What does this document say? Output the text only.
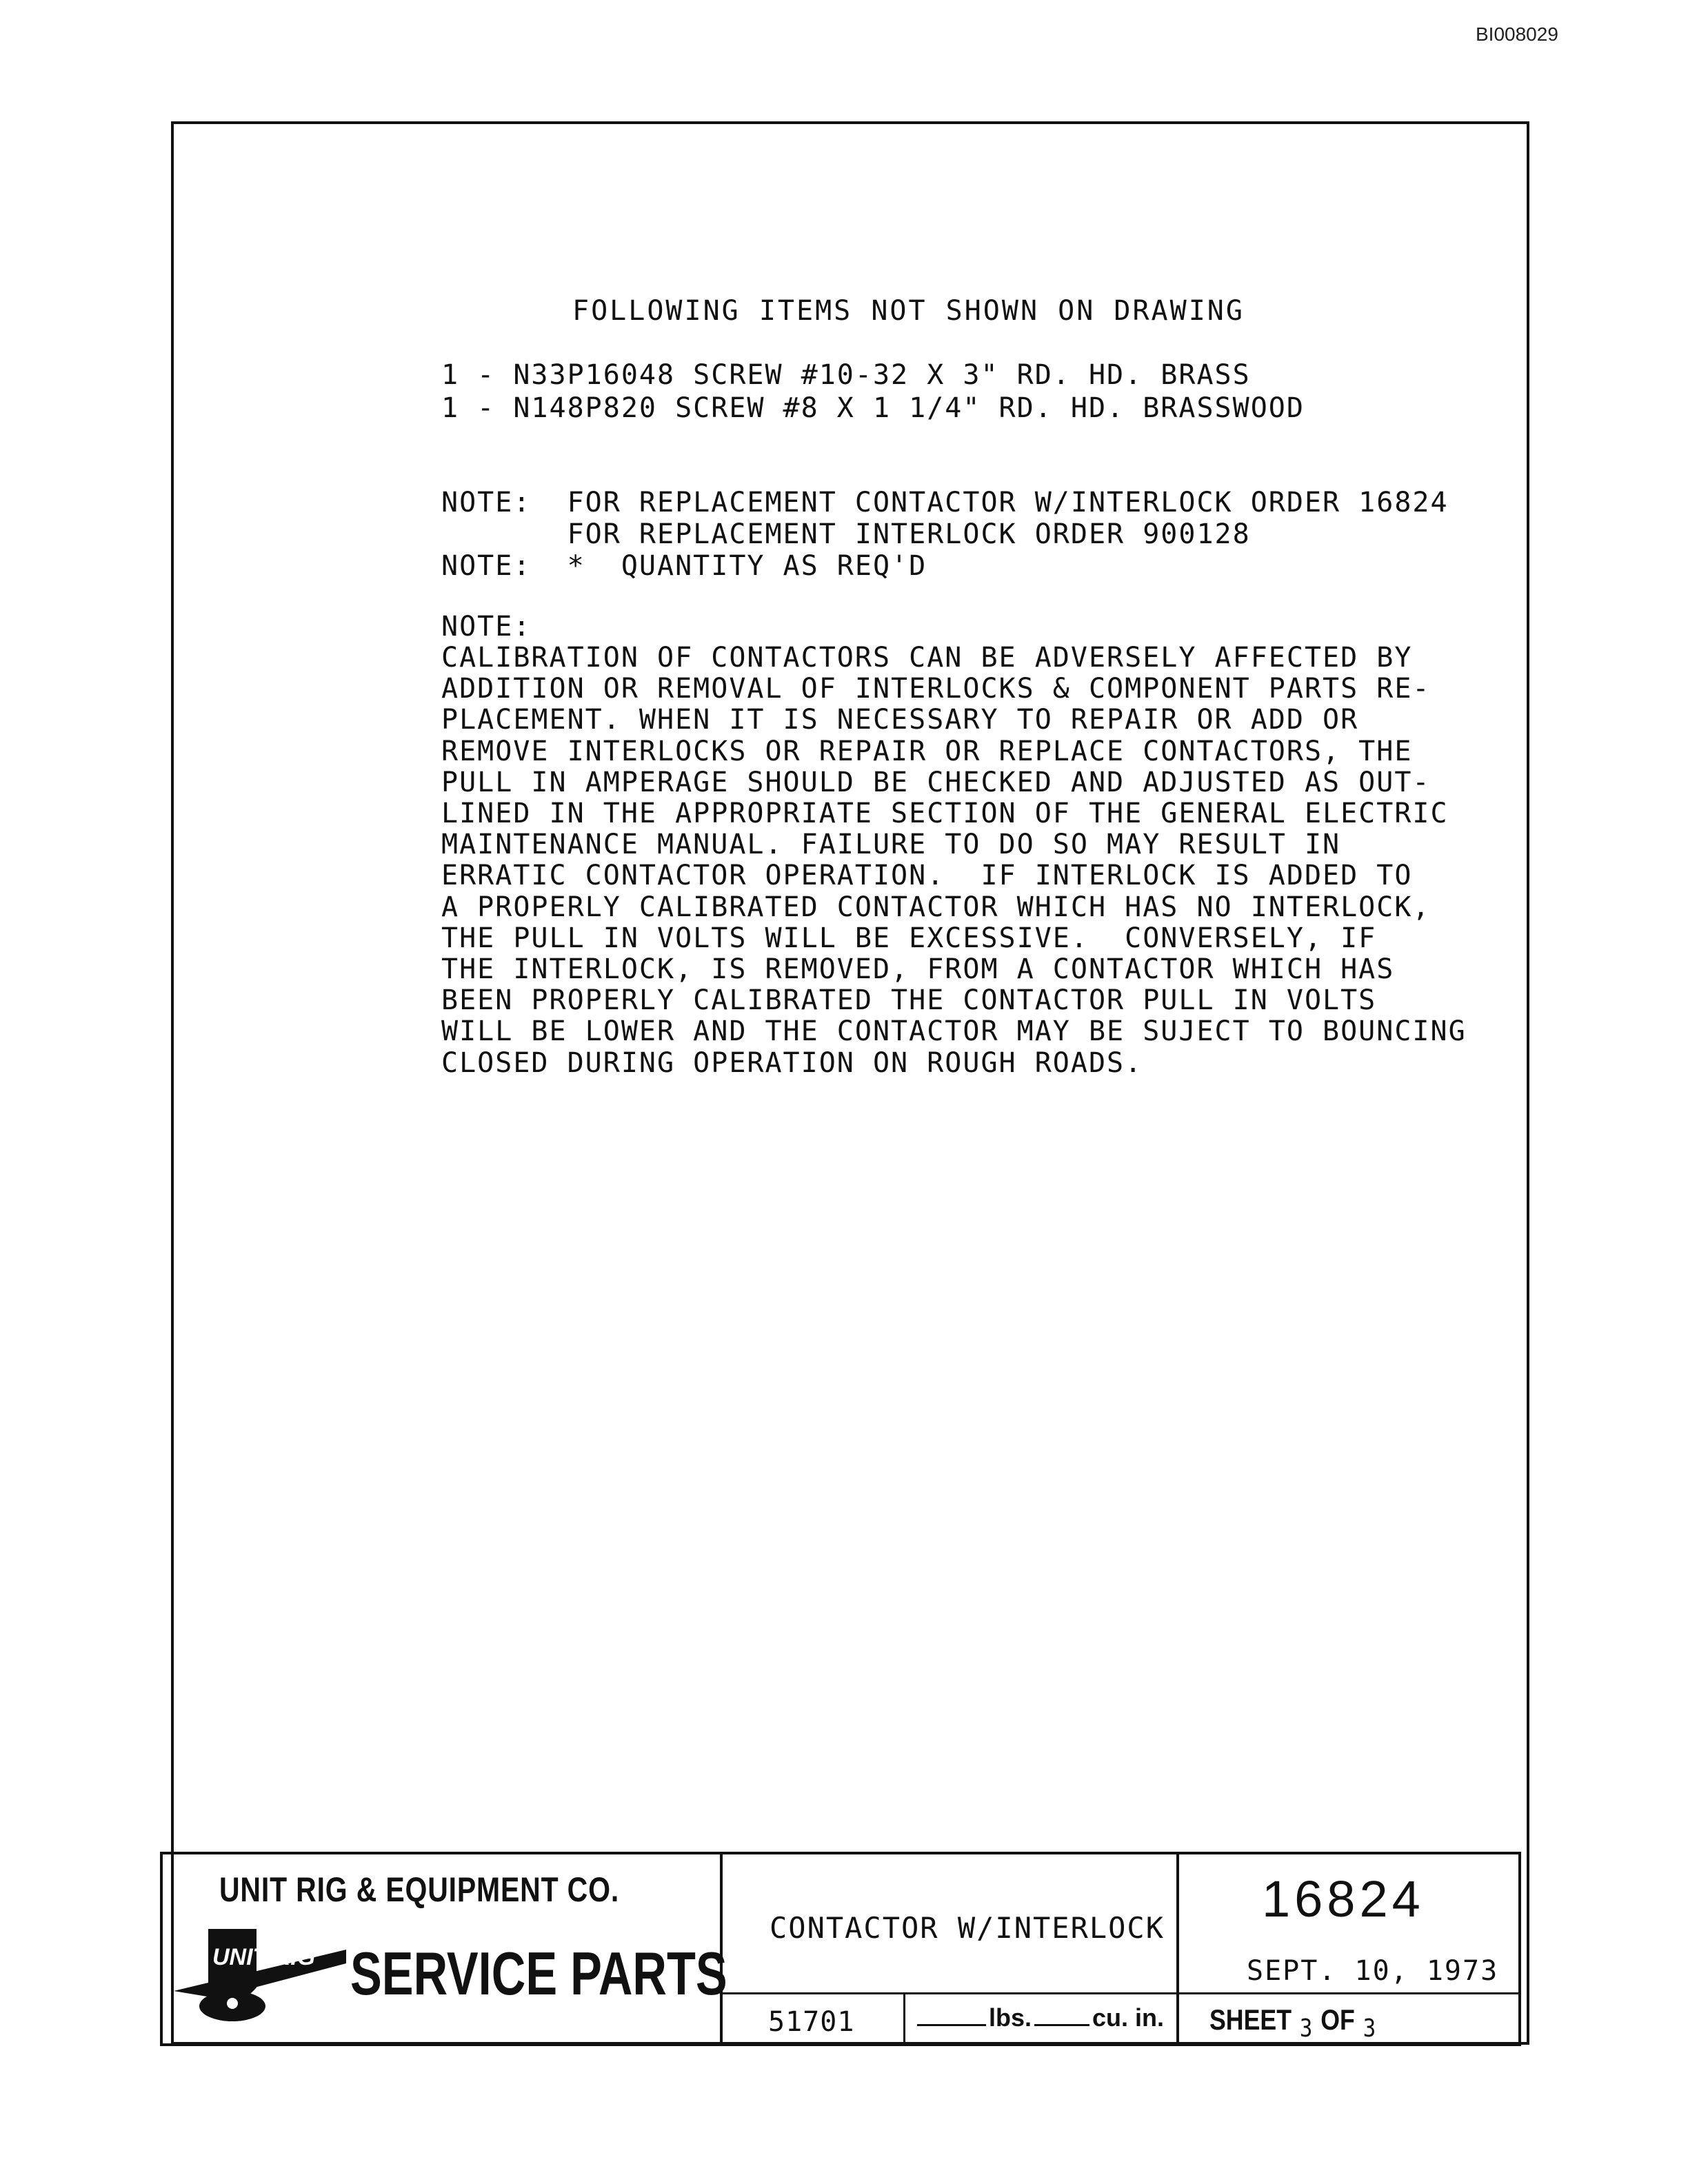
BI008029
FOLLOWING ITEMS NOT SHOWN ON DRAWING
1 - N33P16048 SCREW #10-32 X 3" RD. HD. BRASS
1 - N148P820 SCREW #8 X 1 1/4" RD. HD. BRASSWOOD

NOTE:  FOR REPLACEMENT CONTACTOR W/INTERLOCK ORDER 16824
FOR REPLACEMENT INTERLOCK ORDER 900128

NOTE:  *  QUANTITY AS REQ'D

NOTE:
CALIBRATION OF CONTACTORS CAN BE ADVERSELY AFFECTED BY
ADDITION OR REMOVAL OF INTERLOCKS & COMPONENT PARTS RE-
PLACEMENT. WHEN IT IS NECESSARY TO REPAIR OR ADD OR
REMOVE INTERLOCKS OR REPAIR OR REPLACE CONTACTORS, THE
PULL IN AMPERAGE SHOULD BE CHECKED AND ADJUSTED AS OUT-
LINED IN THE APPROPRIATE SECTION OF THE GENERAL ELECTRIC
MAINTENANCE MANUAL. FAILURE TO DO SO MAY RESULT IN
ERRATIC CONTACTOR OPERATION.  IF INTERLOCK IS ADDED TO
A PROPERLY CALIBRATED CONTACTOR WHICH HAS NO INTERLOCK,
THE PULL IN VOLTS WILL BE EXCESSIVE.  CONVERSELY, IF
THE INTERLOCK, IS REMOVED, FROM A CONTACTOR WHICH HAS
BEEN PROPERLY CALIBRATED THE CONTACTOR PULL IN VOLTS
WILL BE LOWER AND THE CONTACTOR MAY BE SUJECT TO BOUNCING
CLOSED DURING OPERATION ON ROUGH ROADS.
UNIT RIG & EQUIPMENT CO.
UNIT RIG SERVICE PARTS
CONTACTOR W/INTERLOCK
16824
SEPT. 10, 1973
51701	lbs. cu. in. SHEET 3 OF 3
